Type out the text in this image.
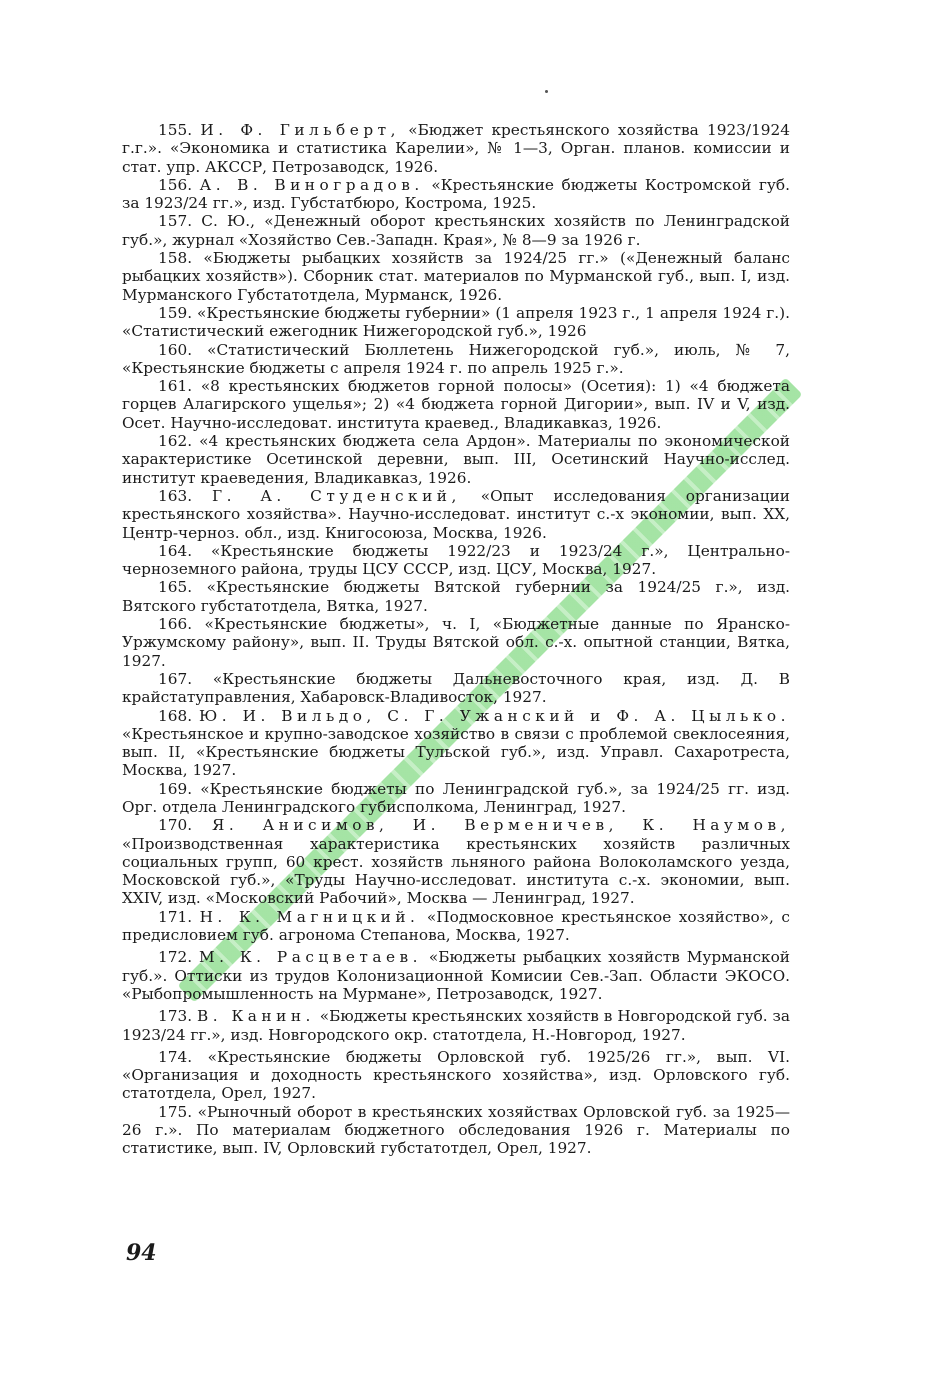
155. И. Ф. Гильберт, «Бюджет крестьянского хозяйства 1923/1924 г.г.». «Экономика и статистика Карелии», № 1—3, Орган. планов. комиссии и стат. упр. АКССР, Петрозаводск, 1926.

156. А. В. Виноградов. «Крестьянские бюджеты Костромской губ. за 1923/24 гг.», изд. Губстатбюро, Кострома, 1925.

157. С. Ю., «Денежный оборот крестьянских хозяйств по Ленинградской губ.», журнал «Хозяйство Сев.-Западн. Края», № 8—9 за 1926 г.

158. «Бюджеты рыбацких хозяйств за 1924/25 гг.» («Денежный баланс рыбацких хозяйств»). Сборник стат. материалов по Мурманской губ., вып. I, изд. Мурманского Губстатотдела, Мурманск, 1926.

159. «Крестьянские бюджеты губернии» (1 апреля 1923 г., 1 апреля 1924 г.). «Статистический ежегодник Нижегородской губ.», 1926

160. «Статистический Бюллетень Нижегородской губ.», июль, № 7, «Крестьянские бюджеты с апреля 1924 г. по апрель 1925 г.».

161. «8 крестьянских бюджетов горной полосы» (Осетия): 1) «4 бюджета горцев Алагирского ущелья»; 2) «4 бюджета горной Дигории», вып. IV и V, изд. Осет. Научно-исследоват. института краевед., Владикавказ, 1926.

162. «4 крестьянских бюджета села Ардон». Материалы по экономической характеристике Осетинской деревни, вып. III, Осетинский Научно-исслед. институт краеведения, Владикавказ, 1926.

163. Г. А. Студенский, «Опыт исследования организации крестьянского хозяйства». Научно-исследоват. институт с.-х экономии, вып. XX, Центр-черноз. обл., изд. Книгосоюза, Москва, 1926.

164. «Крестьянские бюджеты 1922/23 и 1923/24 г.», Центрально-черноземного района, труды ЦСУ СССР, изд. ЦСУ, Москва, 1927.

165. «Крестьянские бюджеты Вятской губернии за 1924/25 г.», изд. Вятского губстатотдела, Вятка, 1927.

166. «Крестьянские бюджеты», ч. I, «Бюджетные данные по Яранско-Уржумскому району», вып. II. Труды Вятской обл. с.-х. опытной станции, Вятка, 1927.

167. «Крестьянские бюджеты Дальневосточного края, изд. Д. В крайстатуправления, Хабаровск-Владивосток, 1927.

168. Ю. И. Вильдо, С. Г. Ужанский и Ф. А. Цылько. «Крестьянское и крупно-заводское хозяйство в связи с проблемой свеклосеяния, вып. II, «Крестьянские бюджеты Тульской губ.», изд. Управл. Сахаротреста, Москва, 1927.

169. «Крестьянские бюджеты по Ленинградской губ.», за 1924/25 гг. изд. Орг. отдела Ленинградского губисполкома, Ленинград, 1927.

170. Я. Анисимов, И. Верменичев, К. Наумов, «Производственная характеристика крестьянских хозяйств различных социальных групп, 60 крест. хозяйств льняного района Волоколамского уезда, Московской губ.», «Труды Научно-исследоват. института с.-х. экономии, вып. XXIV, изд. «Московский Рабочий», Москва — Ленинград, 1927.

171. Н. К. Магницкий. «Подмосковное крестьянское хозяйство», с предисловием губ. агронома Степанова, Москва, 1927.

172. М. К. Расцветаев. «Бюджеты рыбацких хозяйств Мурманской губ.». Оттиски из трудов Колонизационной Комисии Сев.-Зап. Области ЭКОСО. «Рыбопромышленность на Мурмане», Петрозаводск, 1927.

173. В. Канин. «Бюджеты крестьянских хозяйств в Новгородской губ. за 1923/24 гг.», изд. Новгородского окр. статотдела, Н.-Новгород, 1927.

174. «Крестьянские бюджеты Орловской губ. 1925/26 гг.», вып. VI. «Организация и доходность крестьянского хозяйства», изд. Орловского губ. статотдела, Орел, 1927.

175. «Рыночный оборот в крестьянских хозяйствах Орловской губ. за 1925—26 г.». По материалам бюджетного обследования 1926 г. Материалы по статистике, вып. IV, Орловский губстатотдел, Орел, 1927.

94
